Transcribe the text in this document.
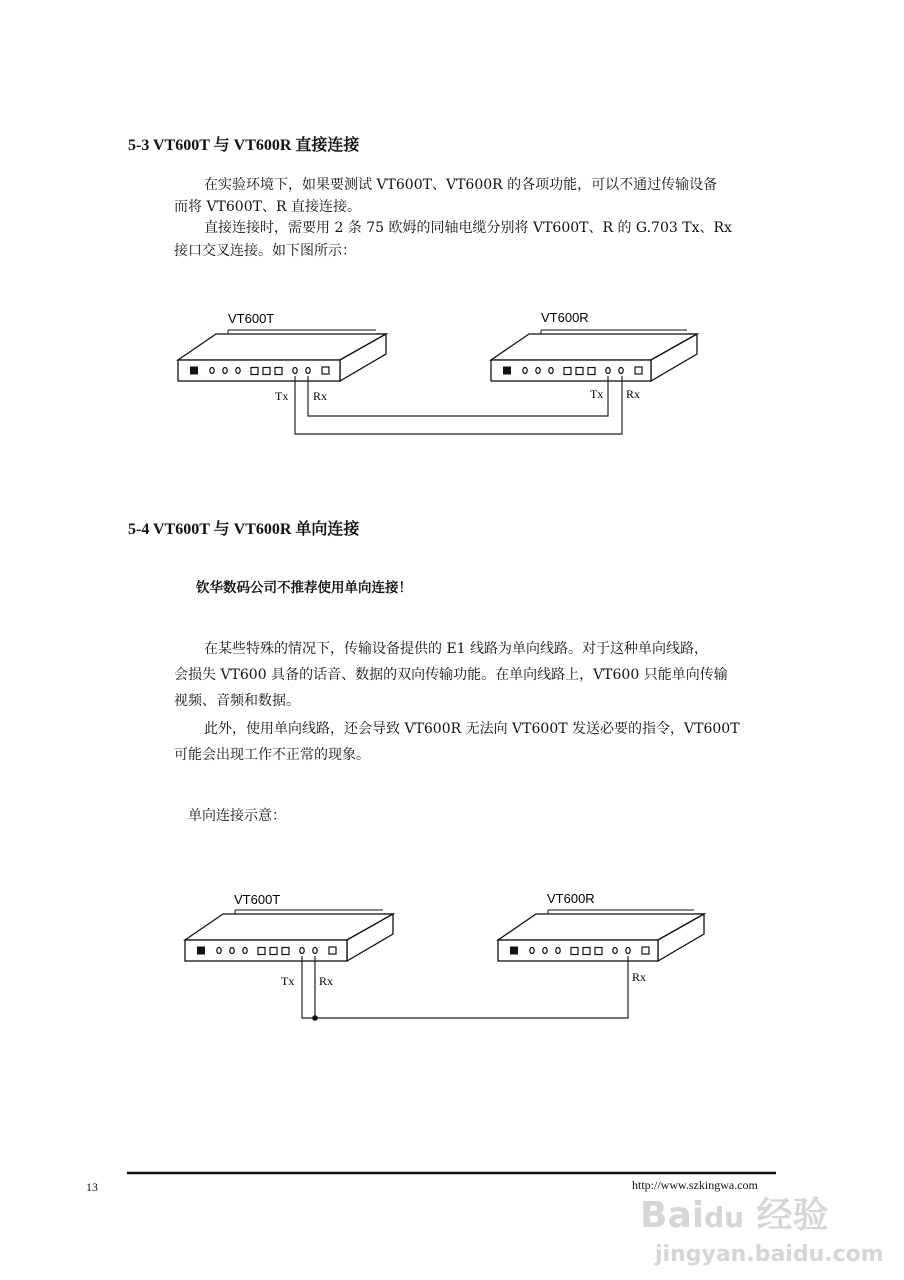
5-3 VT600T 与 VT600R 直接连接
在实验环境下，如果要测试 VT600T、VT600R 的各项功能，可以不通过传输设备
而将 VT600T、R 直接连接。
直接连接时，需要用 2 条 75 欧姆的同轴电缆分别将 VT600T、R 的 G.703 Tx、Rx
接口交叉连接。如下图所示：
5-4 VT600T 与 VT600R 单向连接
钦华数码公司不推荐使用单向连接！
在某些特殊的情况下，传输设备提供的 E1 线路为单向线路。对于这种单向线路，
会损失 VT600 具备的话音、数据的双向传输功能。在单向线路上，VT600 只能单向传输
视频、音频和数据。
此外，使用单向线路，还会导致 VT600R 无法向 VT600T 发送必要的指令，VT600T
可能会出现工作不正常的现象。
单向连接示意：
VT600T	VT600R
Tx Rx	Tx Rx
VT600T	VT600R
Tx Rx	Rx
13	http://www.szkingwa.com
Baidu 经验
jingyan.baidu.com
